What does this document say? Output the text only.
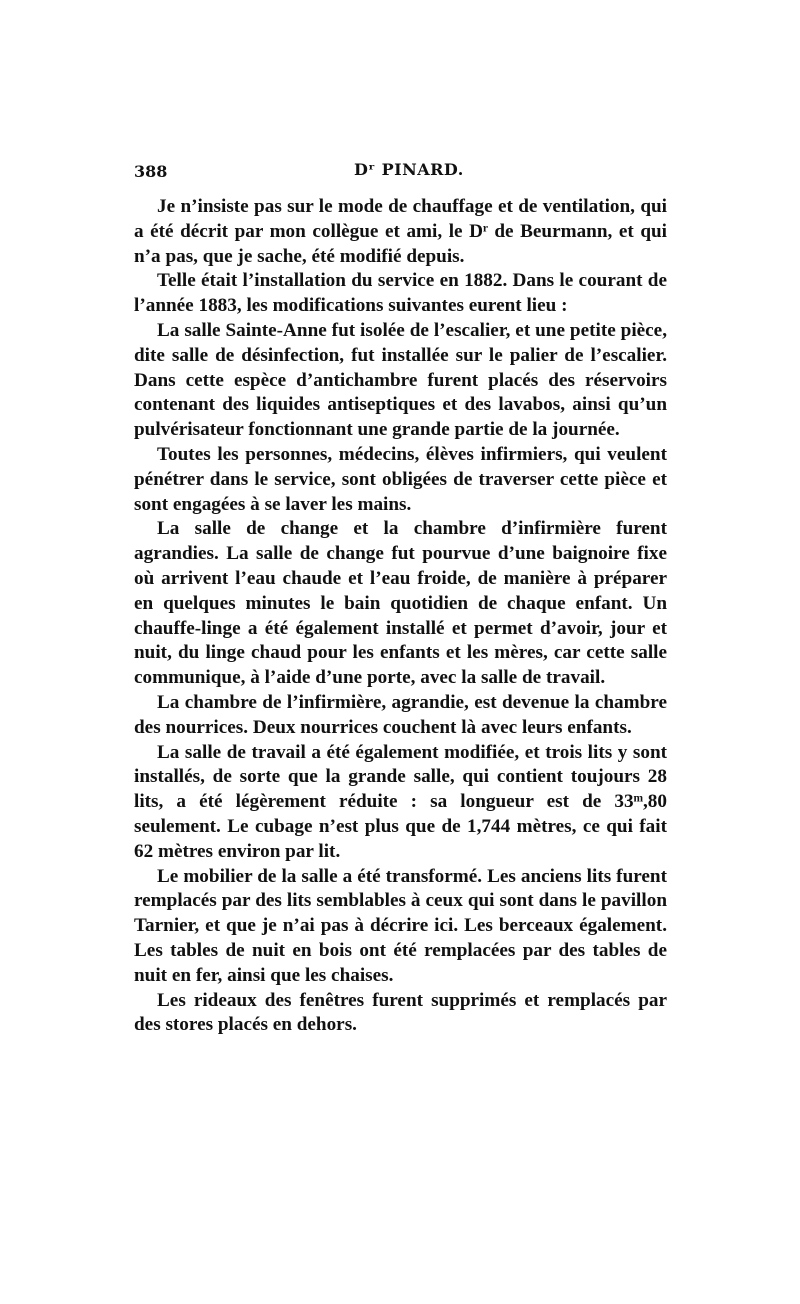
388	Dʳ PINARD.

Je n’insiste pas sur le mode de chauffage et de ventilation, qui a été décrit par mon collègue et ami, le Dʳ de Beurmann, et qui n’a pas, que je sache, été modifié depuis.

Telle était l’installation du service en 1882. Dans le courant de l’année 1883, les modifications suivantes eurent lieu :

La salle Sainte-Anne fut isolée de l’escalier, et une petite pièce, dite salle de désinfection, fut installée sur le palier de l’escalier. Dans cette espèce d’antichambre furent placés des réservoirs contenant des liquides antiseptiques et des lavabos, ainsi qu’un pulvérisateur fonctionnant une grande partie de la journée.

Toutes les personnes, médecins, élèves infirmiers, qui veulent pénétrer dans le service, sont obligées de traverser cette pièce et sont engagées à se laver les mains.

La salle de change et la chambre d’infirmière furent agrandies. La salle de change fut pourvue d’une baignoire fixe où arrivent l’eau chaude et l’eau froide, de manière à préparer en quelques minutes le bain quotidien de chaque enfant. Un chauffe-linge a été également installé et permet d’avoir, jour et nuit, du linge chaud pour les enfants et les mères, car cette salle communique, à l’aide d’une porte, avec la salle de travail.

La chambre de l’infirmière, agrandie, est devenue la chambre des nourrices. Deux nourrices couchent là avec leurs enfants.

La salle de travail a été également modifiée, et trois lits y sont installés, de sorte que la grande salle, qui contient toujours 28 lits, a été légèrement réduite : sa longueur est de 33ᵐ,80 seulement. Le cubage n’est plus que de 1,744 mètres, ce qui fait 62 mètres environ par lit.

Le mobilier de la salle a été transformé. Les anciens lits furent remplacés par des lits semblables à ceux qui sont dans le pavillon Tarnier, et que je n’ai pas à décrire ici. Les berceaux également. Les tables de nuit en bois ont été remplacées par des tables de nuit en fer, ainsi que les chaises.

Les rideaux des fenêtres furent supprimés et remplacés par des stores placés en dehors.
